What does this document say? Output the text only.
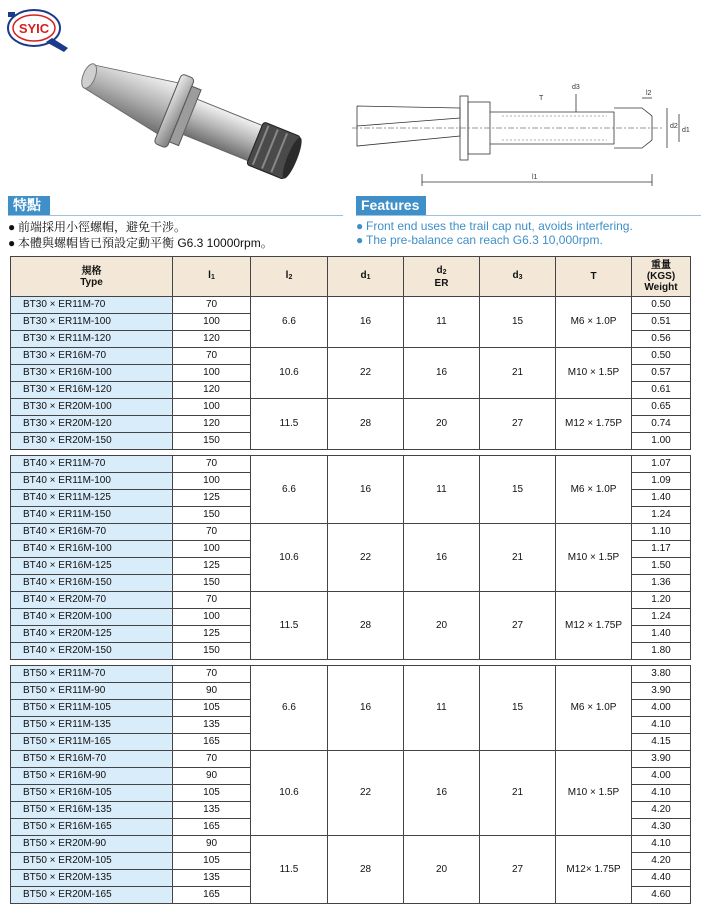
SYIC
d3
T
l2
l1
d2
d1
特點	Features
● 前端採用小徑螺帽，避免干涉。
● 本體與螺帽皆已預設定動平衡 G6.3 10000rpm。
● Front end uses the trail cap nut, avoids interfering.
● The pre-balance can reach G6.3 10,000rpm.
規格
Type	l1	l2	d1	d2
ER	d3	T	重量
(KGS)
Weight
BT30 × ER11M-70	70	6.6	16	11	15	M6 × 1.0P	0.50
BT30 × ER11M-100	100						0.51
BT30 × ER11M-120	120						0.56
BT30 × ER16M-70	70	10.6	22	16	21	M10 × 1.5P	0.50
BT30 × ER16M-100	100						0.57
BT30 × ER16M-120	120						0.61
BT30 × ER20M-100	100	11.5	28	20	27	M12 × 1.75P	0.65
BT30 × ER20M-120	120						0.74
BT30 × ER20M-150	150						1.00

BT40 × ER11M-70	70	6.6	16	11	15	M6 × 1.0P	1.07
BT40 × ER11M-100	100						1.09
BT40 × ER11M-125	125						1.40
BT40 × ER11M-150	150						1.24
BT40 × ER16M-70	70	10.6	22	16	21	M10 × 1.5P	1.10
BT40 × ER16M-100	100						1.17
BT40 × ER16M-125	125						1.50
BT40 × ER16M-150	150						1.36
BT40 × ER20M-70	70	11.5	28	20	27	M12 × 1.75P	1.20
BT40 × ER20M-100	100						1.24
BT40 × ER20M-125	125						1.40
BT40 × ER20M-150	150						1.80

BT50 × ER11M-70	70	6.6	16	11	15	M6 × 1.0P	3.80
BT50 × ER11M-90	90						3.90
BT50 × ER11M-105	105						4.00
BT50 × ER11M-135	135						4.10
BT50 × ER11M-165	165						4.15
BT50 × ER16M-70	70	10.6	22	16	21	M10 × 1.5P	3.90
BT50 × ER16M-90	90						4.00
BT50 × ER16M-105	105						4.10
BT50 × ER16M-135	135						4.20
BT50 × ER16M-165	165						4.30
BT50 × ER20M-90	90	11.5	28	20	27	M12× 1.75P	4.10
BT50 × ER20M-105	105						4.20
BT50 × ER20M-135	135						4.40
BT50 × ER20M-165	165						4.60
